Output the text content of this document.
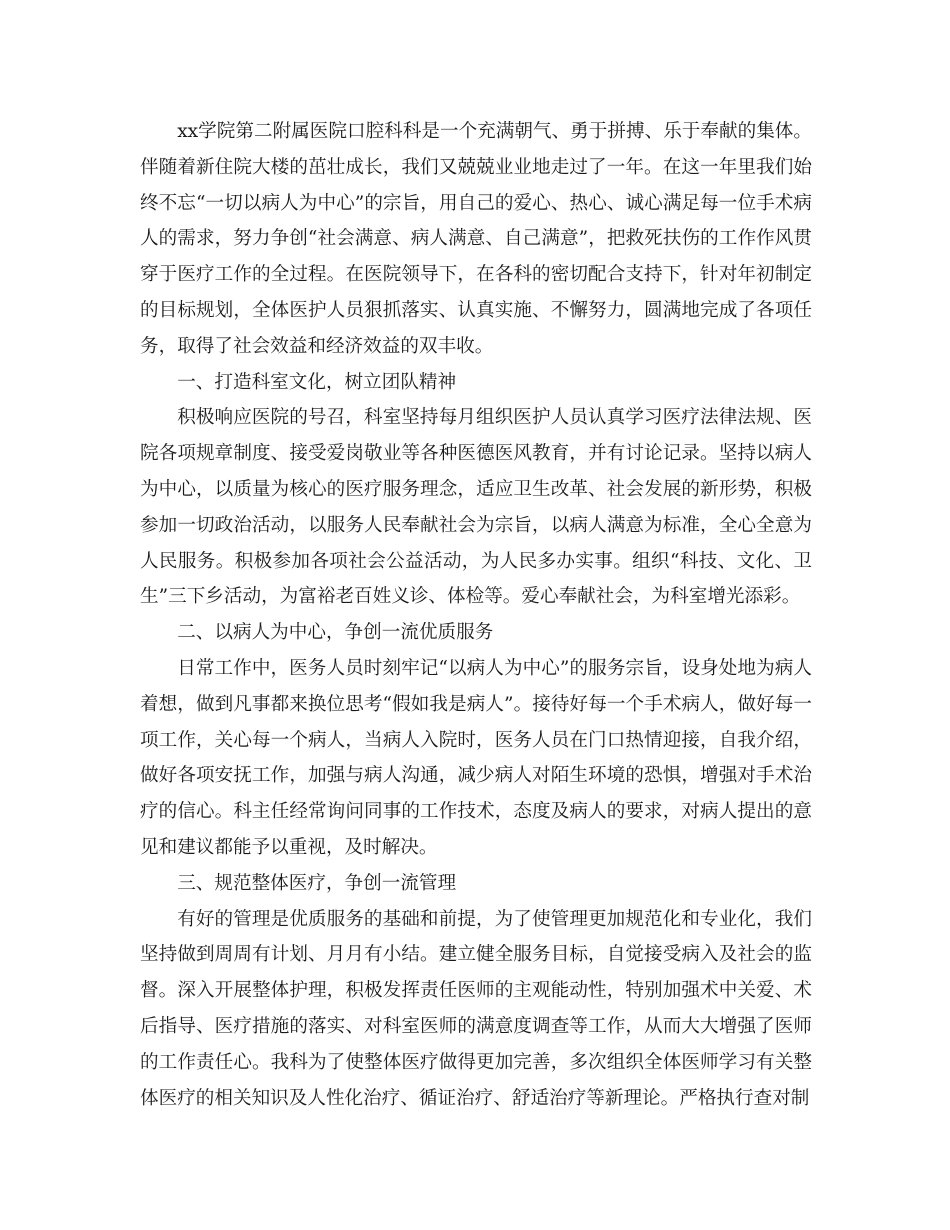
xx学院第二附属医院口腔科科是一个充满朝气、勇于拼搏、乐于奉献的集体。伴随着新住院大楼的茁壮成长，我们又兢兢业业地走过了一年。在这一年里我们始终不忘“一切以病人为中心”的宗旨，用自己的爱心、热心、诚心满足每一位手术病人的需求，努力争创“社会满意、病人满意、自己满意”，把救死扶伤的工作作风贯穿于医疗工作的全过程。在医院领导下，在各科的密切配合支持下，针对年初制定的目标规划，全体医护人员狠抓落实、认真实施、不懈努力，圆满地完成了各项任务，取得了社会效益和经济效益的双丰收。

一、打造科室文化，树立团队精神

积极响应医院的号召，科室坚持每月组织医护人员认真学习医疗法律法规、医院各项规章制度、接受爱岗敬业等各种医德医风教育，并有讨论记录。坚持以病人为中心，以质量为核心的医疗服务理念，适应卫生改革、社会发展的新形势，积极参加一切政治活动，以服务人民奉献社会为宗旨，以病人满意为标准，全心全意为人民服务。积极参加各项社会公益活动，为人民多办实事。组织“科技、文化、卫生”三下乡活动，为富裕老百姓义诊、体检等。爱心奉献社会，为科室增光添彩。

二、以病人为中心，争创一流优质服务

日常工作中，医务人员时刻牢记“以病人为中心”的服务宗旨，设身处地为病人着想，做到凡事都来换位思考“假如我是病人”。接待好每一个手术病人，做好每一项工作，关心每一个病人，当病人入院时，医务人员在门口热情迎接，自我介绍，做好各项安抚工作，加强与病人沟通，减少病人对陌生环境的恐惧，增强对手术治疗的信心。科主任经常询问同事的工作技术，态度及病人的要求，对病人提出的意见和建议都能予以重视，及时解决。

三、规范整体医疗，争创一流管理

有好的管理是优质服务的基础和前提，为了使管理更加规范化和专业化，我们坚持做到周周有计划、月月有小结。建立健全服务目标，自觉接受病入及社会的监督。深入开展整体护理，积极发挥责任医师的主观能动性，特别加强术中关爱、术后指导、医疗措施的落实、对科室医师的满意度调查等工作，从而大大增强了医师的工作责任心。我科为了使整体医疗做得更加完善，多次组织全体医师学习有关整体医疗的相关知识及人性化治疗、循证治疗、舒适治疗等新理论。严格执行查对制
